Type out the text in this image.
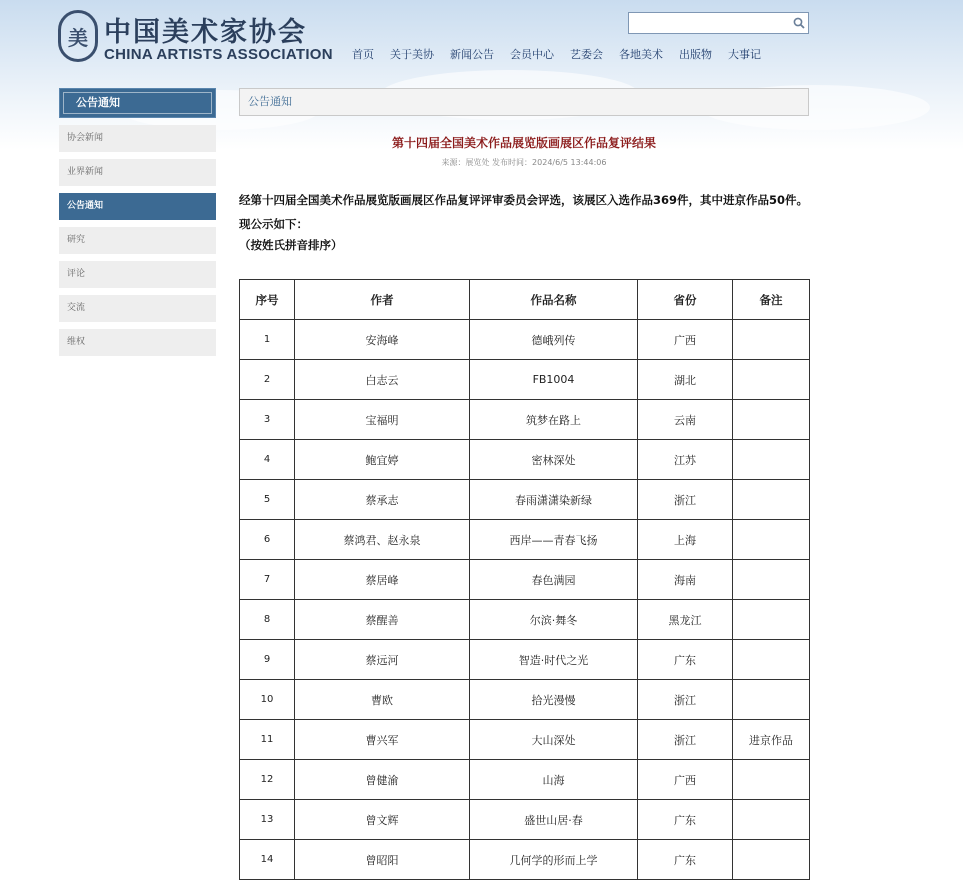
美 中国美术家协会
CHINA ARTISTS ASSOCIATION	首页	关于美协	新闻公告	会员中心	艺委会	各地美术	出版物	大事记
公告通知
协会新闻
业界新闻
公告通知
研究
评论
交流
维权
公告通知
第十四届全国美术作品展览版画展区作品复评结果
来源：展览处 发布时间：2024/6/5 13:44:06
经第十四届全国美术作品展览版画展区作品复评评审委员会评选，该展区入选作品369件，其中进京作品50件。现公示如下：
（按姓氏拼音排序）
序号	作者	作品名称	省份	备注
1	安海峰	德峨列传	广西	
2	白志云	FB1004	湖北	
3	宝福明	筑梦在路上	云南	
4	鲍宜婷	密林深处	江苏	
5	蔡承志	春雨潇潇染新绿	浙江	
6	蔡鸿君、赵永泉	西岸——青春飞扬	上海	
7	蔡居峰	春色满园	海南	
8	蔡醒善	尔滨·舞冬	黑龙江	
9	蔡远河	智造·时代之光	广东	
10	曹欧	拾光漫慢	浙江	
11	曹兴军	大山深处	浙江	进京作品
12	曾健渝	山海	广西	
13	曾文辉	盛世山居·春	广东	
14	曾昭阳	几何学的形而上学	广东	
